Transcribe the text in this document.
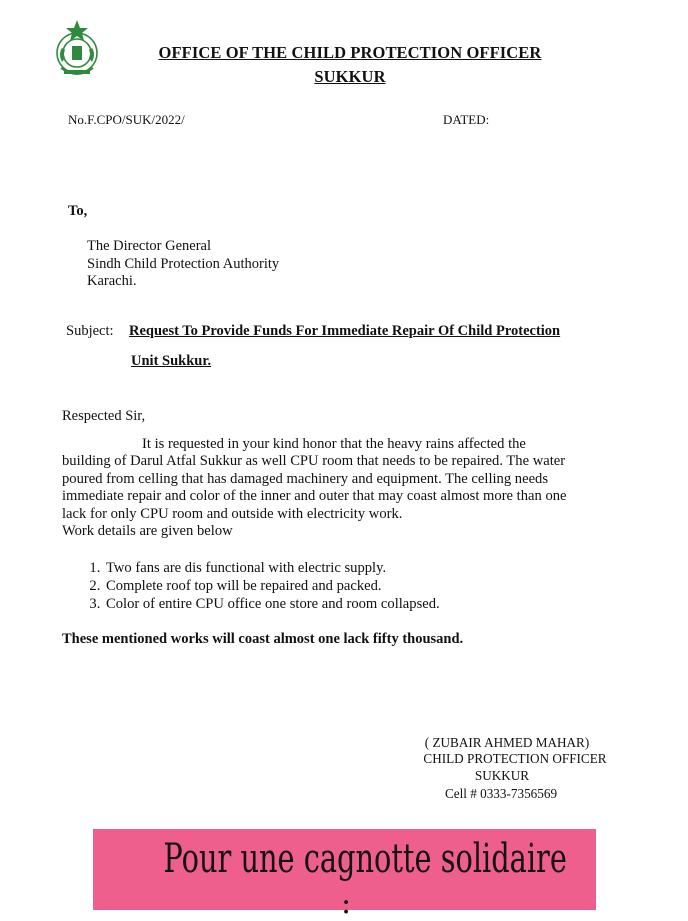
OFFICE OF THE CHILD PROTECTION OFFICER
SUKKUR
No.F.CPO/SUK/2022/	DATED:
To,
The Director General
Sindh Child Protection Authority
Karachi.
Subject: Request To Provide Funds For Immediate Repair Of Child Protection
Unit Sukkur.
Respected Sir,
It is requested in your kind honor that the heavy rains affected the
building of Darul Atfal Sukkur as well CPU room that needs to be repaired. The water
poured from celling that has damaged machinery and equipment. The celling needs
immediate repair and color of the inner and outer that may coast almost more than one
lack for only CPU room and outside with electricity work.
Work details are given below
1. Two fans are dis functional with electric supply.
2. Complete roof top will be repaired and packed.
3. Color of entire CPU office one store and room collapsed.
These mentioned works will coast almost one lack fifty thousand.
( ZUBAIR AHMED MAHAR)
CHILD PROTECTION OFFICER
SUKKUR
Cell # 0333-7356569
Pour une cagnotte solidaire
:
